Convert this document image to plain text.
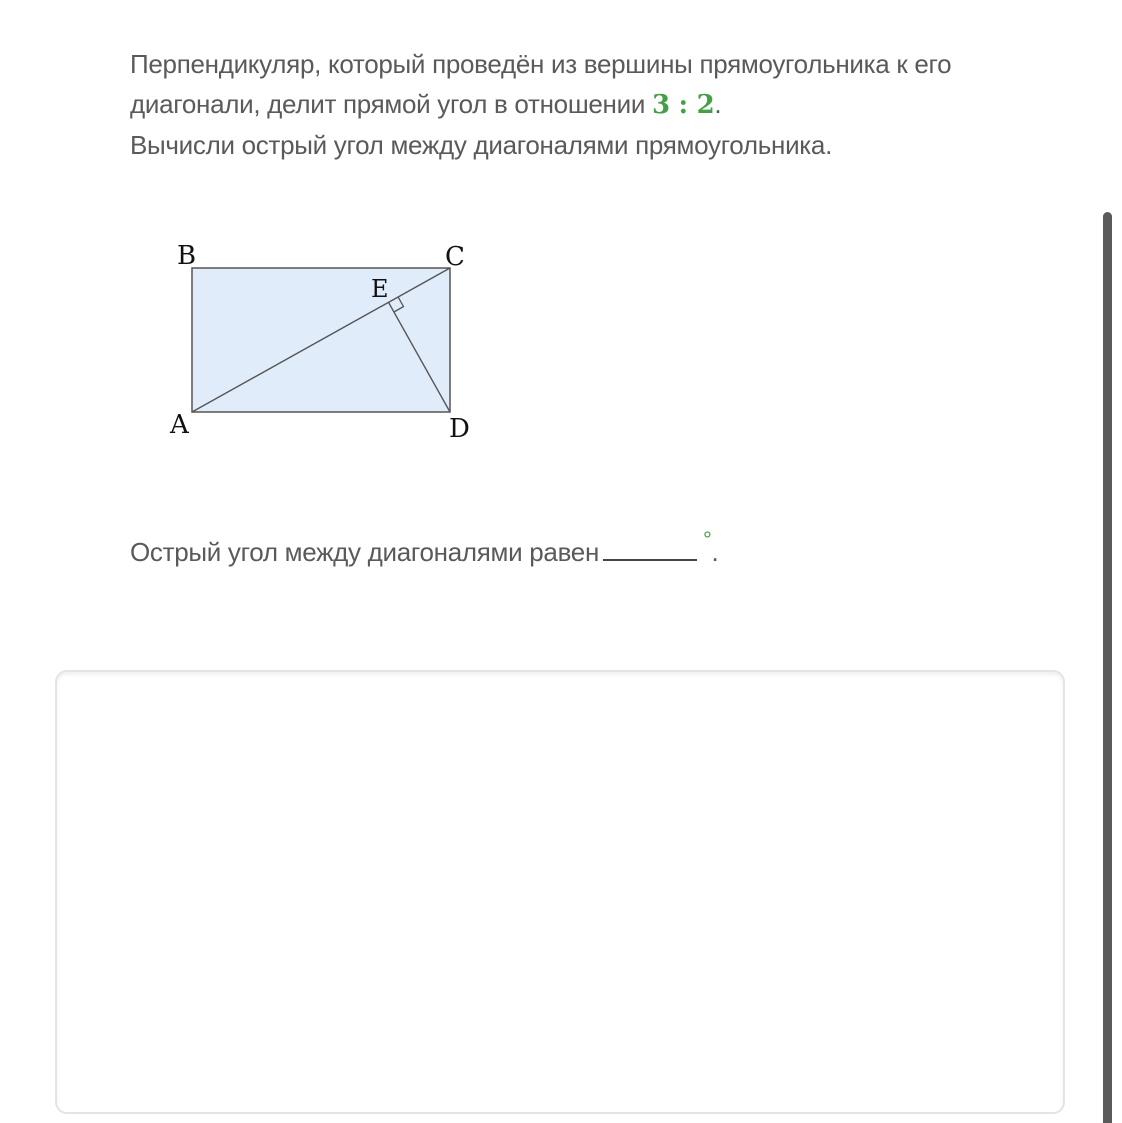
Перпендикуляр, который проведён из вершины прямоугольника к его
диагонали, делит прямой угол в отношении 3 : 2.
Вычисли острый угол между диагоналями прямоугольника.
B	C
E
A	D
Острый угол между диагоналями равен	°.
